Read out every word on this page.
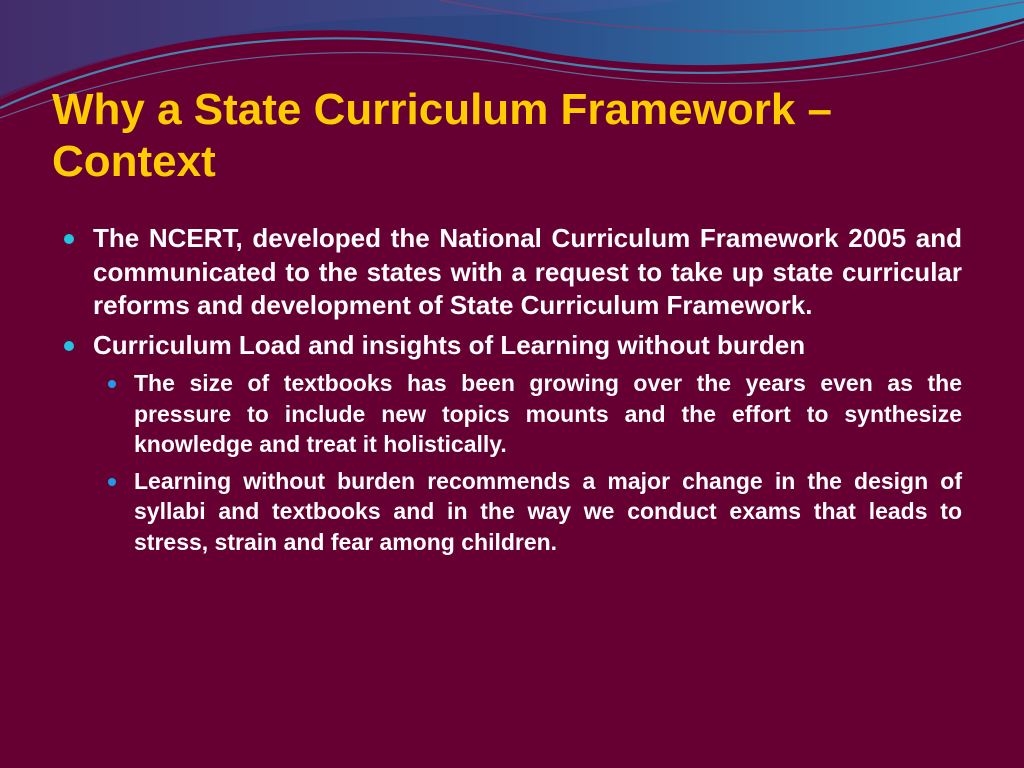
Why a State Curriculum Framework – Context
The NCERT, developed the National Curriculum Framework 2005 and communicated to the states with a request to take up state curricular reforms and development of State Curriculum Framework.
Curriculum Load and insights of Learning without burden
The size of textbooks has been growing over the years even as the pressure to include new topics mounts and the effort to synthesize knowledge and treat it holistically.
Learning without burden recommends a major change in the design of syllabi and textbooks and in the way we conduct exams that leads to stress, strain and fear among children.
